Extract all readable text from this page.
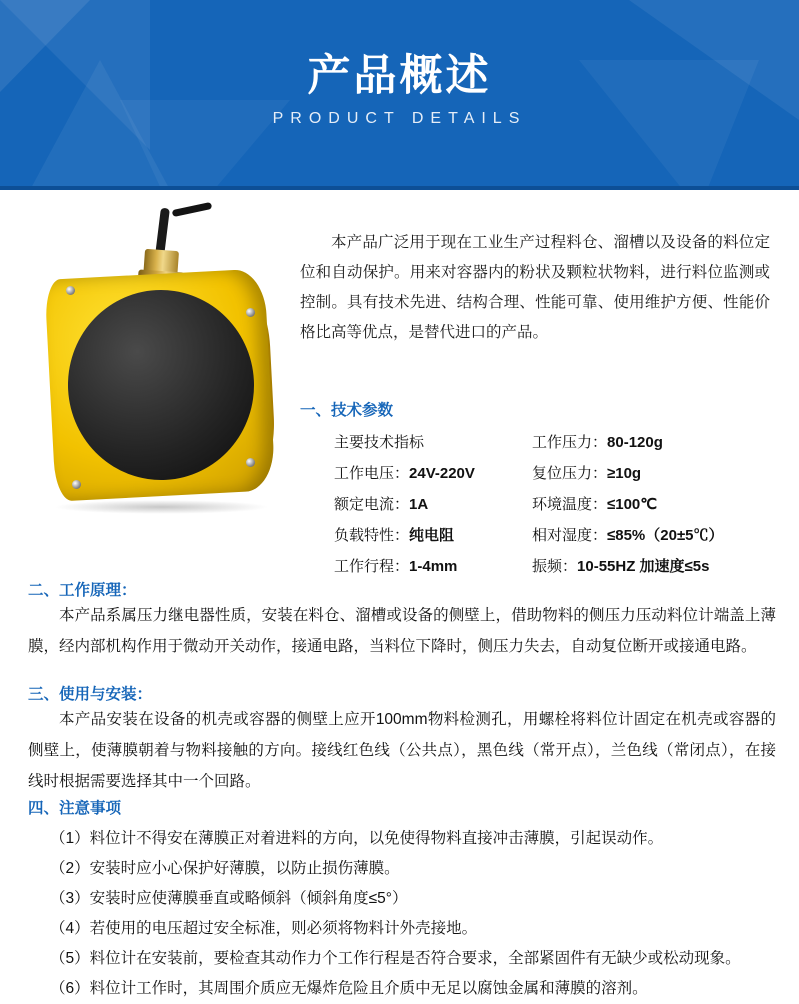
产品概述
PRODUCT DETAILS
本产品广泛用于现在工业生产过程料仓、溜槽以及设备的料位定位和自动保护。用来对容器内的粉状及颗粒状物料，进行料位监测或控制。具有技术先进、结构合理、性能可靠、使用维护方便、性能价格比高等优点，是替代进口的产品。
一、技术参数
主要技术指标	工作压力：80-120g
工作电压：24V-220V	复位压力：≥10g
额定电流：1A	环境温度：≤100℃
负载特性：纯电阻	相对湿度：≤85%（20±5℃）
工作行程：1-4mm	振频：10-55HZ 加速度≤5s
二、工作原理：

本产品系属压力继电器性质，安装在料仓、溜槽或设备的侧壁上，借助物料的侧压力压动料位计端盖上薄膜，经内部机构作用于微动开关动作，接通电路，当料位下降时，侧压力失去，自动复位断开或接通电路。

三、使用与安装：

本产品安装在设备的机壳或容器的侧壁上应开100mm物料检测孔，用螺栓将料位计固定在机壳或容器的侧壁上，使薄膜朝着与物料接触的方向。接线红色线（公共点），黑色线（常开点），兰色线（常闭点），在接线时根据需要选择其中一个回路。

四、注意事项
（1）料位计不得安在薄膜正对着进料的方向，以免使得物料直接冲击薄膜，引起误动作。
（2）安装时应小心保护好薄膜，以防止损伤薄膜。
（3）安装时应使薄膜垂直或略倾斜（倾斜角度≤5°）
（4）若使用的电压超过安全标准，则必须将物料计外壳接地。
（5）料位计在安装前，要检查其动作力个工作行程是否符合要求，全部紧固件有无缺少或松动现象。
（6）料位计工作时，其周围介质应无爆炸危险且介质中无足以腐蚀金属和薄膜的溶剂。
